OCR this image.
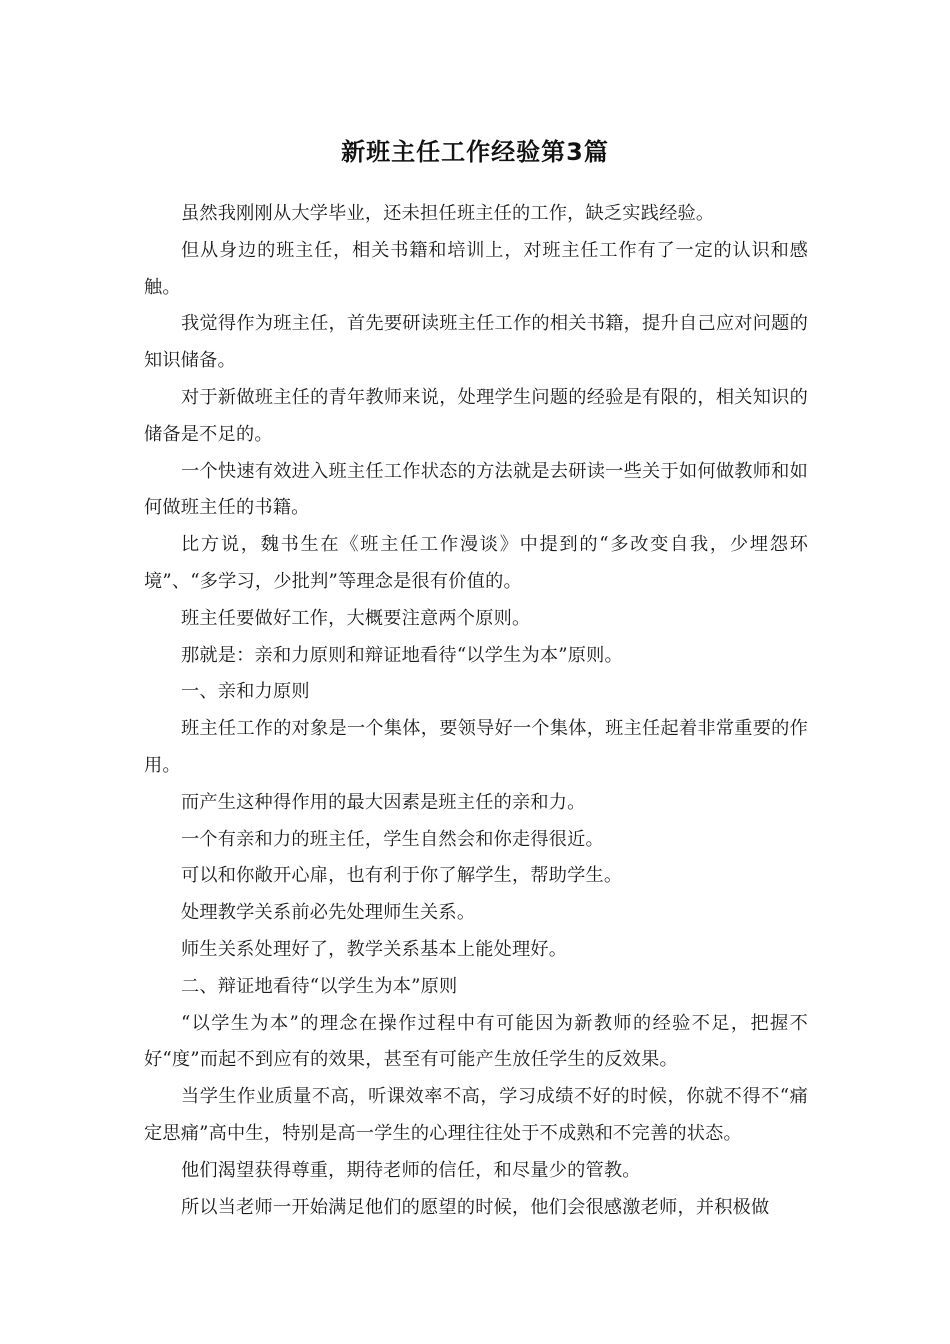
新班主任工作经验第3篇

虽然我刚刚从大学毕业，还未担任班主任的工作，缺乏实践经验。

但从身边的班主任，相关书籍和培训上，对班主任工作有了一定的认识和感触。

我觉得作为班主任，首先要研读班主任工作的相关书籍，提升自己应对问题的知识储备。

对于新做班主任的青年教师来说，处理学生问题的经验是有限的，相关知识的储备是不足的。

一个快速有效进入班主任工作状态的方法就是去研读一些关于如何做教师和如何做班主任的书籍。

比方说，魏书生在《班主任工作漫谈》中提到的“多改变自我，少埋怨环境”、“多学习，少批判”等理念是很有价值的。

班主任要做好工作，大概要注意两个原则。

那就是：亲和力原则和辩证地看待“以学生为本”原则。

一、亲和力原则

班主任工作的对象是一个集体，要领导好一个集体，班主任起着非常重要的作用。

而产生这种得作用的最大因素是班主任的亲和力。

一个有亲和力的班主任，学生自然会和你走得很近。

可以和你敞开心扉，也有利于你了解学生，帮助学生。

处理教学关系前必先处理师生关系。

师生关系处理好了，教学关系基本上能处理好。

二、辩证地看待“以学生为本”原则

“以学生为本”的理念在操作过程中有可能因为新教师的经验不足，把握不好“度”而起不到应有的效果，甚至有可能产生放任学生的反效果。

当学生作业质量不高，听课效率不高，学习成绩不好的时候，你就不得不“痛定思痛”高中生，特别是高一学生的心理往往处于不成熟和不完善的状态。

他们渴望获得尊重，期待老师的信任，和尽量少的管教。

所以当老师一开始满足他们的愿望的时候，他们会很感激老师，并积极做
